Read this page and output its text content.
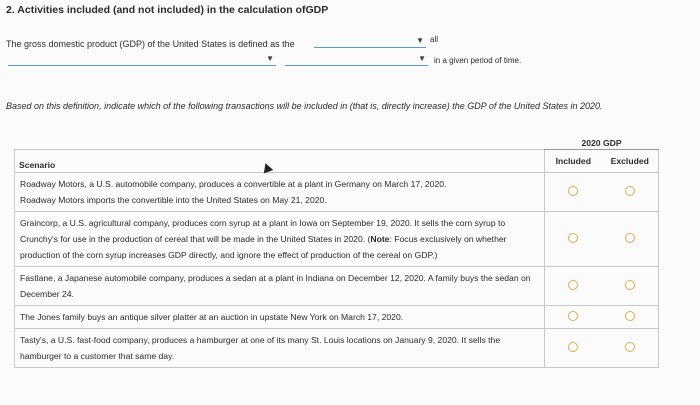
2. Activities included (and not included) in the calculation ofGDP
The gross domestic product (GDP) of the United States is defined as the	▼ all
▼	▼ in a given period of time.
Based on this definition, indicate which of the following transactions will be included in (that is, directly increase) the GDP of the United States in 2020.
	2020 GDP	
Scenario	Included	Excluded

Roadway Motors, a U.S. automobile company, produces a convertible at a plant in Germany on March 17, 2020.
Roadway Motors imports the convertible into the United States on May 21, 2020.		

Graincorp, a U.S. agricultural company, produces corn syrup at a plant in Iowa on September 19, 2020. It sells the corn syrup to Crunchy's for use in the production of cereal that will be made in the United States in 2020. (Note: Focus exclusively on whether production of the corn syrup increases GDP directly, and ignore the effect of production of the cereal on GDP.)		
Fastlane, a Japanese automobile company, produces a sedan at a plant in Indiana on December 12, 2020. A family buys the sedan on December 24.		
The Jones family buys an antique silver platter at an auction in upstate New York on March 17, 2020.		
Tasty's, a U.S. fast-food company, produces a hamburger at one of its many St. Louis locations on January 9, 2020. It sells the hamburger to a customer that same day.		
